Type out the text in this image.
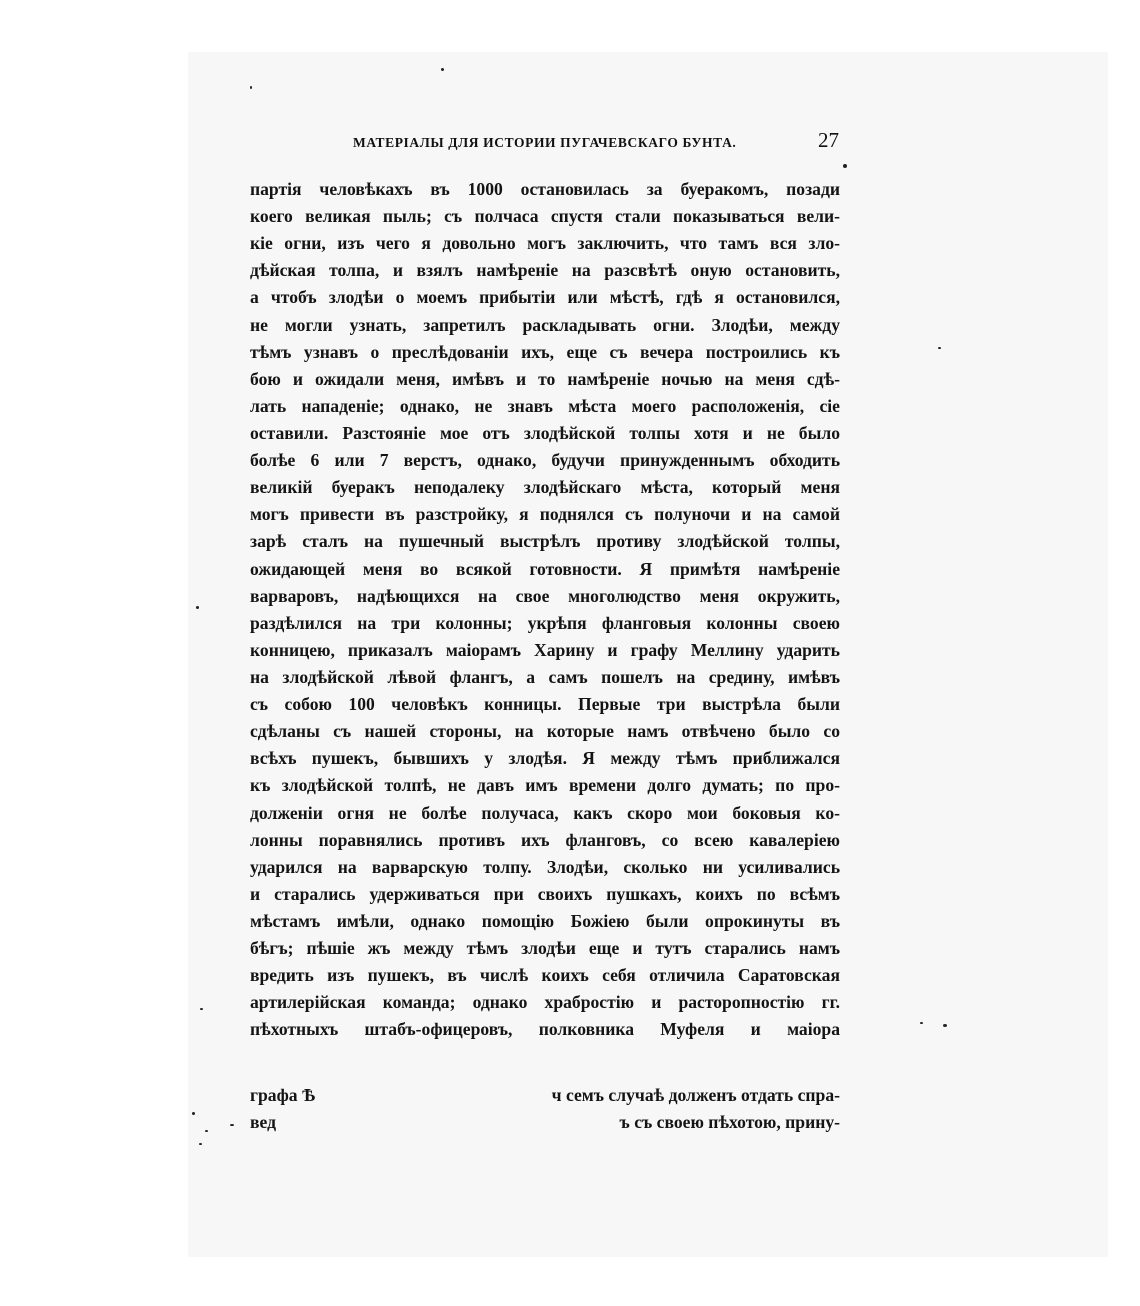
МАТЕРІАЛЫ ДЛЯ ИСТОРИИ ПУГАЧЕВСКАГО БУНТА.	27
партія человѣкахъ въ 1000 остановилась за буеракомъ, позади
коего великая пыль; съ полчаса спустя стали показываться вели-
кіе огни, изъ чего я довольно могъ заключить, что тамъ вся зло-
дѣйская толпа, и взялъ намѣреніе на разсвѣтѣ оную остановить,
а чтобъ злодѣи о моемъ прибытіи или мѣстѣ, гдѣ я остановился,
не могли узнать, запретилъ раскладывать огни. Злодѣи, между
тѣмъ узнавъ о преслѣдованіи ихъ, еще съ вечера построились къ
бою и ожидали меня, имѣвъ и то намѣреніе ночью на меня сдѣ-
лать нападеніе; однако, не знавъ мѣста моего расположенія, сіе
оставили. Разстояніе мое отъ злодѣйской толпы хотя и не было
болѣе 6 или 7 верстъ, однако, будучи принужденнымъ обходить
великій буеракъ неподалеку злодѣйскаго мѣста, который меня
могъ привести въ разстройку, я поднялся съ полуночи и на самой
зарѣ сталъ на пушечный выстрѣлъ противу злодѣйской толпы,
ожидающей меня во всякой готовности. Я примѣтя намѣреніе
варваровъ, надѣющихся на свое многолюдство меня окружить,
раздѣлился на три колонны; укрѣпя фланговыя колонны своею
конницею, приказалъ маіорамъ Харину и графу Меллину ударить
на злодѣйской лѣвой флангъ, а самъ пошелъ на средину, имѣвъ
съ собою 100 человѣкъ конницы. Первые три выстрѣла были
сдѣланы съ нашей стороны, на которые намъ отвѣчено было со
всѣхъ пушекъ, бывшихъ у злодѣя. Я между тѣмъ приближался
къ злодѣйской толпѣ, не давъ имъ времени долго думать; по про-
долженіи огня не болѣе получаса, какъ скоро мои боковыя ко-
лонны поравнялись противъ ихъ фланговъ, со всею кавалеріею
ударился на варварскую толпу. Злодѣи, сколько ни усиливались
и старались удерживаться при своихъ пушкахъ, коихъ по всѣмъ
мѣстамъ имѣли, однако помощію Божіею были опрокинуты въ
бѣгъ; пѣшіе жъ между тѣмъ злодѣи еще и тутъ старались намъ
вредить изъ пушекъ, въ числѣ коихъ себя отличила Саратовская
артилерійская команда; однако храбростію и расторопностію гг.
пѣхотныхъ штабъ-офицеровъ, полковника Муфеля и маіора
графа Ѣ	ч семъ случаѣ долженъ отдать спра-
вед	ъ съ своею пѣхотою, прину-
